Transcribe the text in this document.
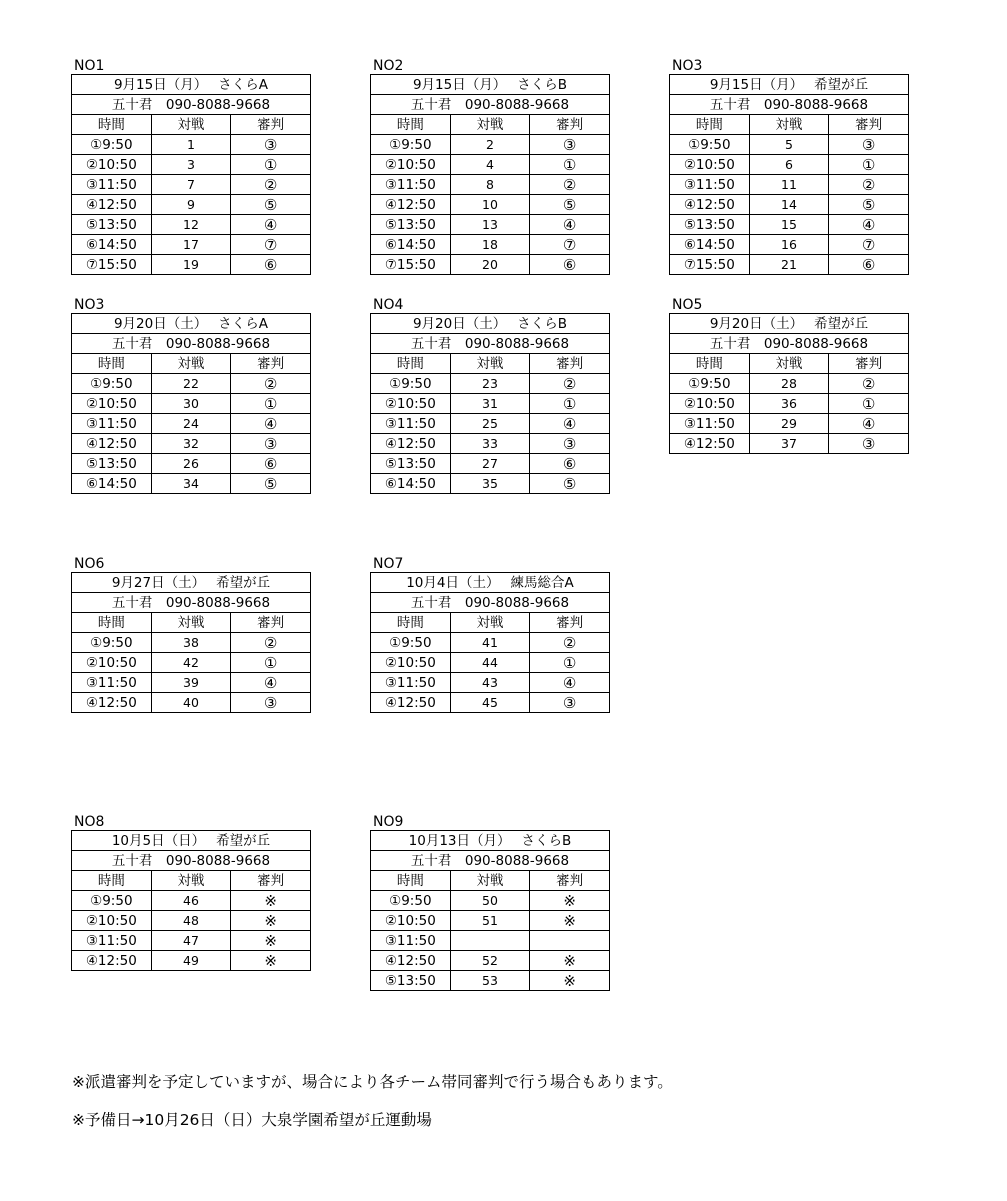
NO1
9月15日（月）　 さくらA		
五十君　090-8088-9668		
時間	対戦	審判
①9:50	1	③
②10:50	3	①
③11:50	7	②
④12:50	9	⑤
⑤13:50	12	④
⑥14:50	17	⑦
⑦15:50	19	⑥
NO2
9月15日（月）　 さくらB		
五十君　090-8088-9668		
時間	対戦	審判
①9:50	2	③
②10:50	4	①
③11:50	8	②
④12:50	10	⑤
⑤13:50	13	④
⑥14:50	18	⑦
⑦15:50	20	⑥
NO3
9月15日（月）　 希望が丘		
五十君　090-8088-9668		
時間	対戦	審判
①9:50	5	③
②10:50	6	①
③11:50	11	②
④12:50	14	⑤
⑤13:50	15	④
⑥14:50	16	⑦
⑦15:50	21	⑥
NO3
9月20日（土）　 さくらA		
五十君　090-8088-9668		
時間	対戦	審判
①9:50	22	②
②10:50	30	①
③11:50	24	④
④12:50	32	③
⑤13:50	26	⑥
⑥14:50	34	⑤
NO4
9月20日（土）　 さくらB		
五十君　090-8088-9668		
時間	対戦	審判
①9:50	23	②
②10:50	31	①
③11:50	25	④
④12:50	33	③
⑤13:50	27	⑥
⑥14:50	35	⑤
NO5
9月20日（土）　 希望が丘		
五十君　090-8088-9668		
時間	対戦	審判
①9:50	28	②
②10:50	36	①
③11:50	29	④
④12:50	37	③
NO6
9月27日（土）　 希望が丘		
五十君　090-8088-9668		
時間	対戦	審判
①9:50	38	②
②10:50	42	①
③11:50	39	④
④12:50	40	③
NO7
10月4日（土）　 練馬総合A		
五十君　090-8088-9668		
時間	対戦	審判
①9:50	41	②
②10:50	44	①
③11:50	43	④
④12:50	45	③
NO8
10月5日（日）　 希望が丘		
五十君　090-8088-9668		
時間	対戦	審判
①9:50	46	※
②10:50	48	※
③11:50	47	※
④12:50	49	※
NO9
10月13日（月）　 さくらB		
五十君　090-8088-9668		
時間	対戦	審判
①9:50	50	※
②10:50	51	※
③11:50		
④12:50	52	※
⑤13:50	53	※
※派遣審判を予定していますが、場合により各チーム帯同審判で行う場合もあります。
※予備日→10月26日（日）大泉学園希望が丘運動場
